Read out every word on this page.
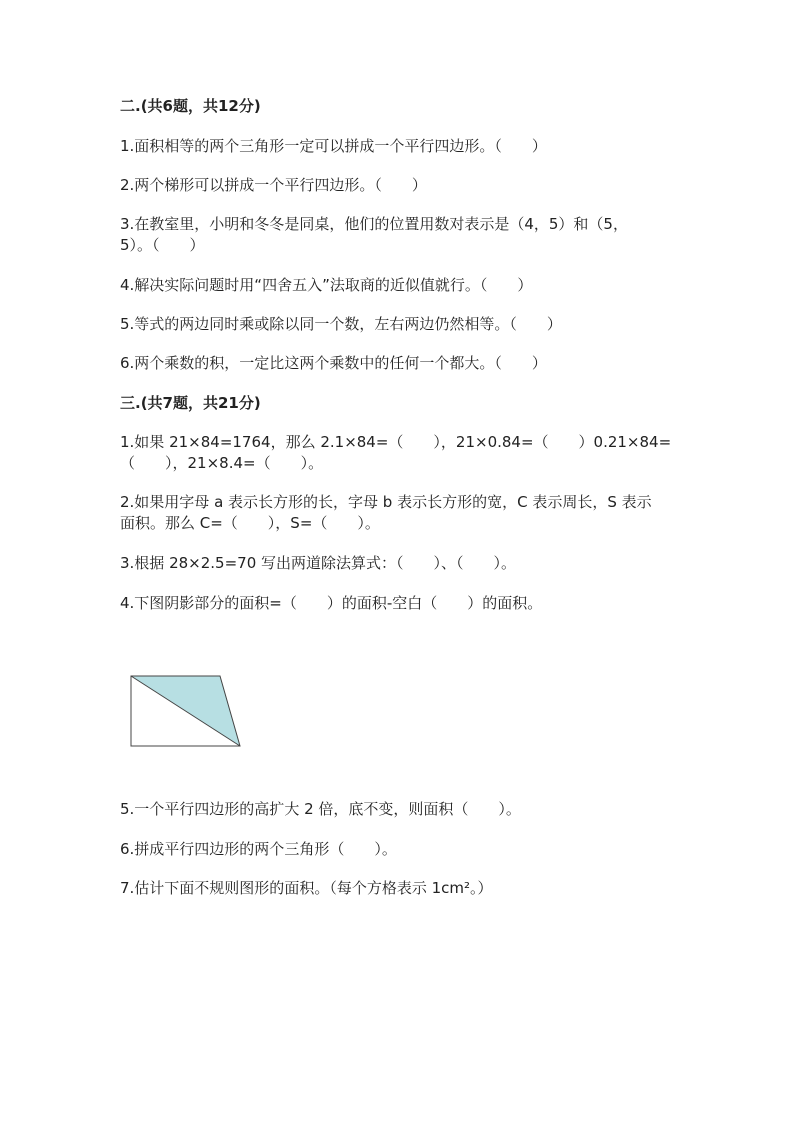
二.(共6题，共12分)
1.面积相等的两个三角形一定可以拼成一个平行四边形。（　　）
2.两个梯形可以拼成一个平行四边形。（　　）
3.在教室里，小明和冬冬是同桌，他们的位置用数对表示是（4，5）和（5，
5）。（　　）
4.解决实际问题时用“四舍五入”法取商的近似值就行。（　　）
5.等式的两边同时乘或除以同一个数，左右两边仍然相等。（　　）
6.两个乘数的积，一定比这两个乘数中的任何一个都大。（　　）
三.(共7题，共21分)
1.如果 21×84=1764，那么 2.1×84=（　　），21×0.84=（　　）0.21×84=
（　　），21×8.4=（　　）。
2.如果用字母 a 表示长方形的长，字母 b 表示长方形的宽，C 表示周长，S 表示
面积。那么 C=（　　），S=（　　）。
3.根据 28×2.5=70 写出两道除法算式：（　　）、（　　）。
4.下图阴影部分的面积=（　　）的面积-空白（　　）的面积。
5.一个平行四边形的高扩大 2 倍，底不变，则面积（　　）。
6.拼成平行四边形的两个三角形（　　）。
7.估计下面不规则图形的面积。（每个方格表示 1cm²。）
